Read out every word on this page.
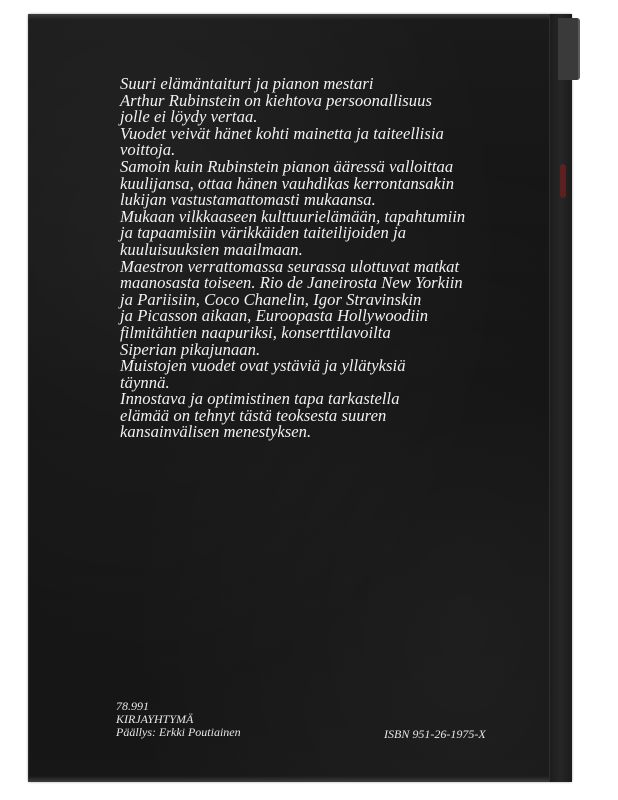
Suuri elämäntaituri ja pianon mestari
Arthur Rubinstein on kiehtova persoonallisuus
jolle ei löydy vertaa.
Vuodet veivät hänet kohti mainetta ja taiteellisia
voittoja.
Samoin kuin Rubinstein pianon ääressä valloittaa
kuulijansa, ottaa hänen vauhdikas kerrontansakin
lukijan vastustamattomasti mukaansa.
Mukaan vilkkaaseen kulttuurielämään, tapahtumiin
ja tapaamisiin värikkäiden taiteilijoiden ja
kuuluisuuksien maailmaan.
Maestron verrattomassa seurassa ulottuvat matkat
maanosasta toiseen. Rio de Janeirosta New Yorkiin
ja Pariisiin, Coco Chanelin, Igor Stravinskin
ja Picasson aikaan, Euroopasta Hollywoodiin
filmitähtien naapuriksi, konserttilavoilta
Siperian pikajunaan.
Muistojen vuodet ovat ystäviä ja yllätyksiä
täynnä.
Innostava ja optimistinen tapa tarkastella
elämää on tehnyt tästä teoksesta suuren
kansainvälisen menestyksen.
78.991
KIRJAYHTYMÄ
Päällys: Erkki Poutiainen	ISBN 951-26-1975-X
